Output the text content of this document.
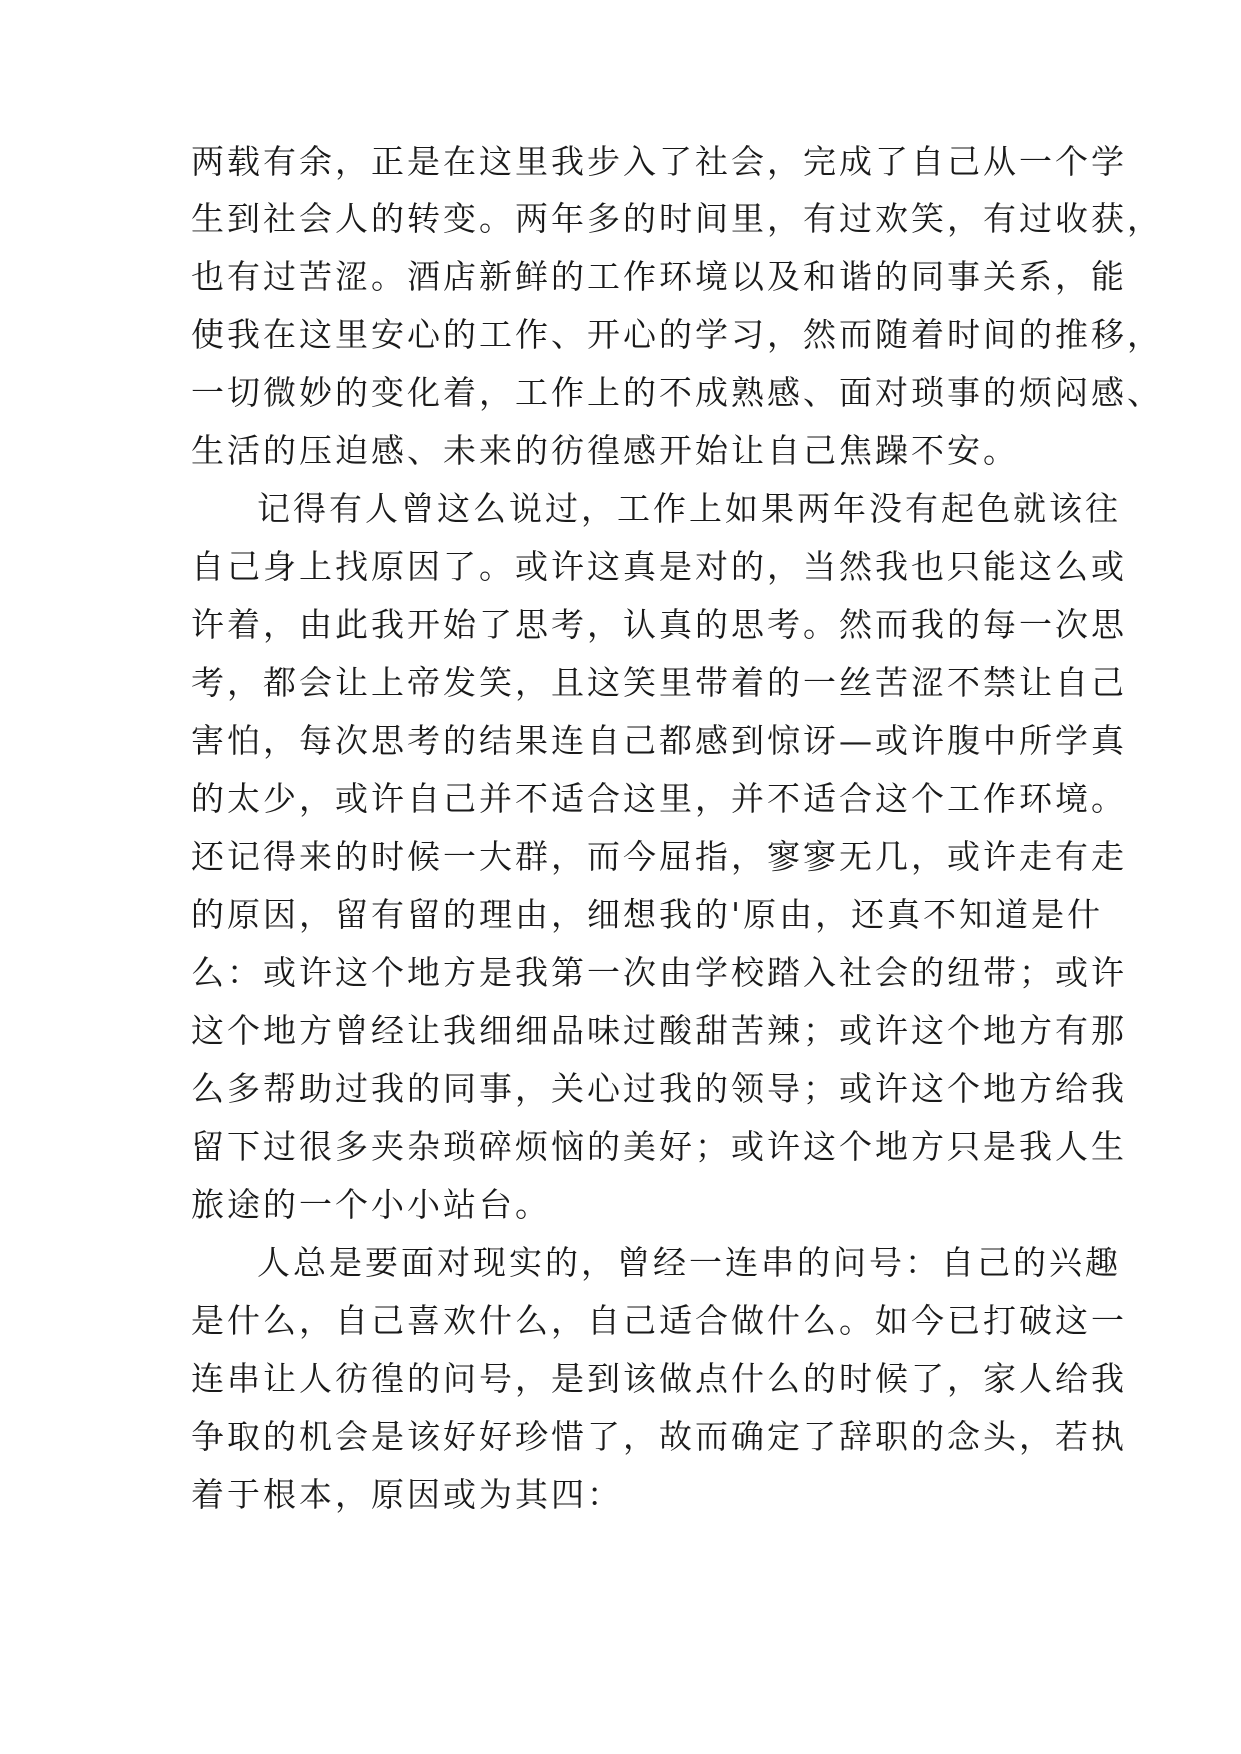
两载有余，正是在这里我步入了社会，完成了自己从一个学
生到社会人的转变。两年多的时间里，有过欢笑，有过收获，
也有过苦涩。酒店新鲜的工作环境以及和谐的同事关系，能
使我在这里安心的工作、开心的学习，然而随着时间的推移，
一切微妙的变化着，工作上的不成熟感、面对琐事的烦闷感、
生活的压迫感、未来的彷徨感开始让自己焦躁不安。
记得有人曾这么说过，工作上如果两年没有起色就该往
自己身上找原因了。或许这真是对的，当然我也只能这么或
许着，由此我开始了思考，认真的思考。然而我的每一次思
考，都会让上帝发笑，且这笑里带着的一丝苦涩不禁让自己
害怕，每次思考的结果连自己都感到惊讶—或许腹中所学真
的太少，或许自己并不适合这里，并不适合这个工作环境。
还记得来的时候一大群，而今屈指，寥寥无几，或许走有走
的原因，留有留的理由，细想我的'原由，还真不知道是什
么：或许这个地方是我第一次由学校踏入社会的纽带；或许
这个地方曾经让我细细品味过酸甜苦辣；或许这个地方有那
么多帮助过我的同事，关心过我的领导；或许这个地方给我
留下过很多夹杂琐碎烦恼的美好；或许这个地方只是我人生
旅途的一个小小站台。
人总是要面对现实的，曾经一连串的问号：自己的兴趣
是什么，自己喜欢什么，自己适合做什么。如今已打破这一
连串让人彷徨的问号，是到该做点什么的时候了，家人给我
争取的机会是该好好珍惜了，故而确定了辞职的念头，若执
着于根本，原因或为其四：
